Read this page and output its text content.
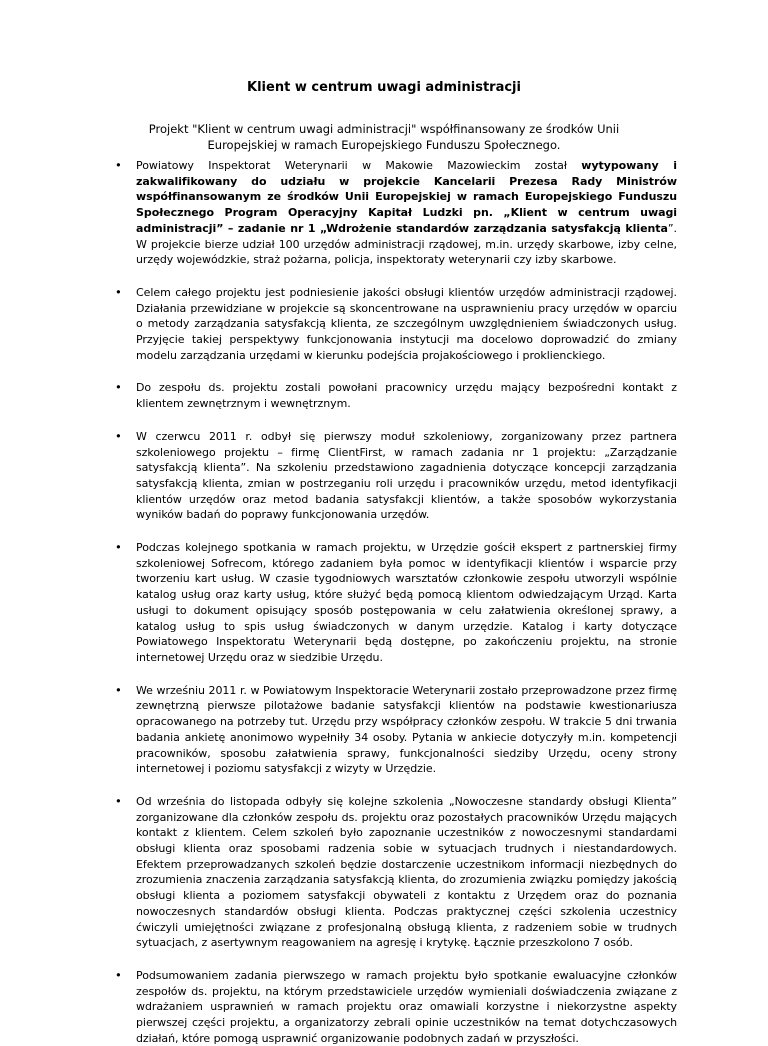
Klient w centrum uwagi administracji
Projekt "Klient w centrum uwagi administracji" współfinansowany ze środków Unii Europejskiej w ramach Europejskiego Funduszu Społecznego.
• Powiatowy Inspektorat Weterynarii w Makowie Mazowieckim został wytypowany i zakwalifikowany do udziału w projekcie Kancelarii Prezesa Rady Ministrów współfinansowanym ze środków Unii Europejskiej w ramach Europejskiego Funduszu Społecznego Program Operacyjny Kapitał Ludzki pn. „Klient w centrum uwagi administracji” – zadanie nr 1 „Wdrożenie standardów zarządzania satysfakcją klienta”. W projekcie bierze udział 100 urzędów administracji rządowej, m.in. urzędy skarbowe, izby celne, urzędy wojewódzkie, straż pożarna, policja, inspektoraty weterynarii czy izby skarbowe.
• Celem całego projektu jest podniesienie jakości obsługi klientów urzędów administracji rządowej. Działania przewidziane w projekcie są skoncentrowane na usprawnieniu pracy urzędów w oparciu o metody zarządzania satysfakcją klienta, ze szczególnym uwzględnieniem świadczonych usług. Przyjęcie takiej perspektywy funkcjonowania instytucji ma docelowo doprowadzić do zmiany modelu zarządzania urzędami w kierunku podejścia projakościowego i proklienckiego.
• Do zespołu ds. projektu zostali powołani pracownicy urzędu mający bezpośredni kontakt z klientem zewnętrznym i wewnętrznym.
• W czerwcu 2011 r. odbył się pierwszy moduł szkoleniowy, zorganizowany przez partnera szkoleniowego projektu – firmę ClientFirst, w ramach zadania nr 1 projektu: „Zarządzanie satysfakcją klienta”. Na szkoleniu przedstawiono zagadnienia dotyczące koncepcji zarządzania satysfakcją klienta, zmian w postrzeganiu roli urzędu i pracowników urzędu, metod identyfikacji klientów urzędów oraz metod badania satysfakcji klientów, a także sposobów wykorzystania wyników badań do poprawy funkcjonowania urzędów.
• Podczas kolejnego spotkania w ramach projektu, w Urzędzie gościł ekspert z partnerskiej firmy szkoleniowej Sofrecom, którego zadaniem była pomoc w identyfikacji klientów i wsparcie przy tworzeniu kart usług. W czasie tygodniowych warsztatów członkowie zespołu utworzyli wspólnie katalog usług oraz karty usług, które służyć będą pomocą klientom odwiedzającym Urząd. Karta usługi to dokument opisujący sposób postępowania w celu załatwienia określonej sprawy, a katalog usług to spis usług świadczonych w danym urzędzie. Katalog i karty dotyczące Powiatowego Inspektoratu Weterynarii będą dostępne, po zakończeniu projektu, na stronie internetowej Urzędu oraz w siedzibie Urzędu.
• We wrześniu 2011 r. w Powiatowym Inspektoracie Weterynarii zostało przeprowadzone przez firmę zewnętrzną pierwsze pilotażowe badanie satysfakcji klientów na podstawie kwestionariusza opracowanego na potrzeby tut. Urzędu przy współpracy członków zespołu. W trakcie 5 dni trwania badania ankietę anonimowo wypełniły 34 osoby. Pytania w ankiecie dotyczyły m.in. kompetencji pracowników, sposobu załatwienia sprawy, funkcjonalności siedziby Urzędu, oceny strony internetowej i poziomu satysfakcji z wizyty w Urzędzie.
• Od września do listopada odbyły się kolejne szkolenia „Nowoczesne standardy obsługi Klienta” zorganizowane dla członków zespołu ds. projektu oraz pozostałych pracowników Urzędu mających kontakt z klientem. Celem szkoleń było zapoznanie uczestników z nowoczesnymi standardami obsługi klienta oraz sposobami radzenia sobie w sytuacjach trudnych i niestandardowych. Efektem przeprowadzanych szkoleń będzie dostarczenie uczestnikom informacji niezbędnych do zrozumienia znaczenia zarządzania satysfakcją klienta, do zrozumienia związku pomiędzy jakością obsługi klienta a poziomem satysfakcji obywateli z kontaktu z Urzędem oraz do poznania nowoczesnych standardów obsługi klienta. Podczas praktycznej części szkolenia uczestnicy ćwiczyli umiejętności związane z profesjonalną obsługą klienta, z radzeniem sobie w trudnych sytuacjach, z asertywnym reagowaniem na agresję i krytykę. Łącznie przeszkolono 7 osób.
• Podsumowaniem zadania pierwszego w ramach projektu było spotkanie ewaluacyjne członków zespołów ds. projektu, na którym przedstawiciele urzędów wymieniali doświadczenia związane z wdrażaniem usprawnień w ramach projektu oraz omawiali korzystne i niekorzystne aspekty pierwszej części projektu, a organizatorzy zebrali opinie uczestników na temat dotychczasowych działań, które pomogą usprawnić organizowanie podobnych zadań w przyszłości.
